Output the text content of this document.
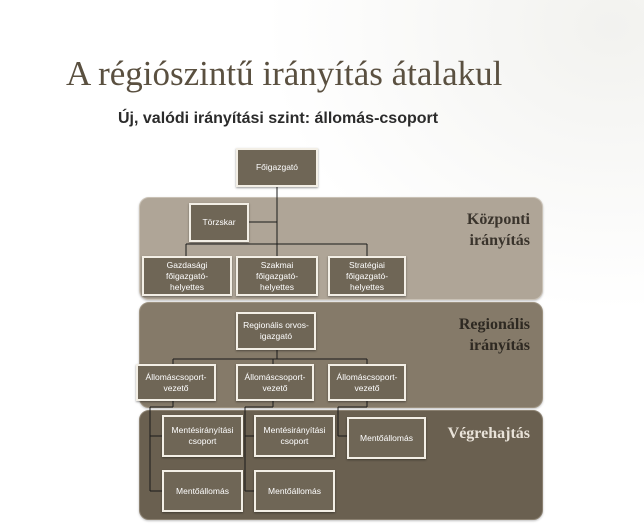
A régiószintű irányítás átalakul
Új, valódi irányítási szint: állomás-csoport
Központi
irányítás
Regionális
irányítás
Végrehajtás
Főigazgató
Törzskar
Gazdasági
főigazgató-
helyettes
Szakmai
főigazgató-
helyettes
Stratégiai
főigazgató-
helyettes
Regionális orvos-
igazgató
Állomáscsoport-
vezető
Állomáscsoport-
vezető
Állomáscsoport-
vezető
Mentésirányítási
csoport
Mentésirányítási
csoport	Mentőállomás
Mentőállomás	Mentőállomás
